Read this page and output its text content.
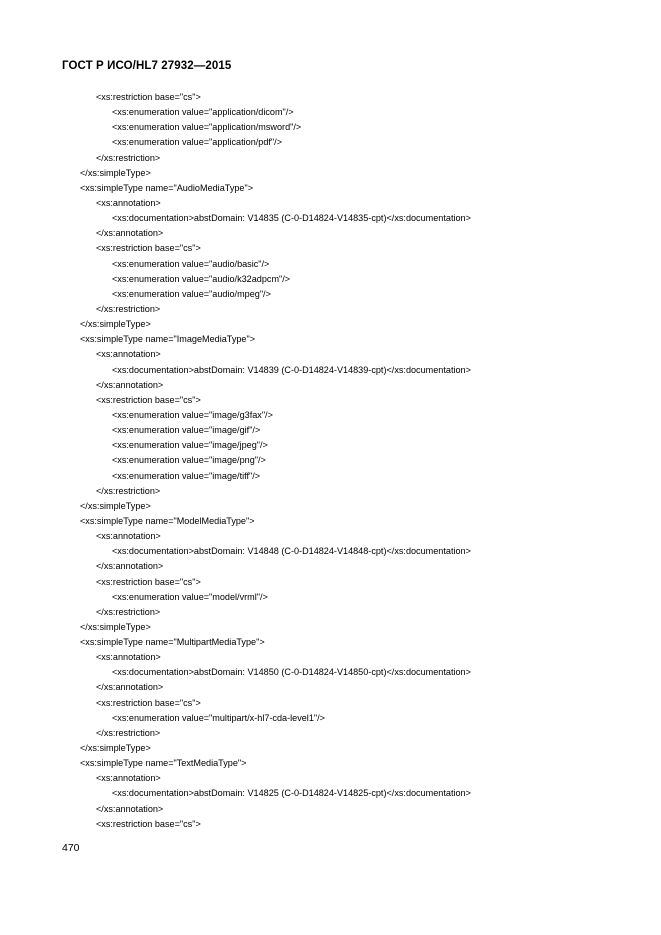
ГОСТ Р ИСО/HL7 27932—2015
<xs:restriction base="cs">
<xs:enumeration value="application/dicom"/>
<xs:enumeration value="application/msword"/>
<xs:enumeration value="application/pdf"/>
</xs:restriction>
</xs:simpleType>
<xs:simpleType name="AudioMediaType">
<xs:annotation>
<xs:documentation>abstDomain: V14835 (C-0-D14824-V14835-cpt)</xs:documentation>
</xs:annotation>
<xs:restriction base="cs">
<xs:enumeration value="audio/basic"/>
<xs:enumeration value="audio/k32adpcm"/>
<xs:enumeration value="audio/mpeg"/>
</xs:restriction>
</xs:simpleType>
<xs:simpleType name="ImageMediaType">
<xs:annotation>
<xs:documentation>abstDomain: V14839 (C-0-D14824-V14839-cpt)</xs:documentation>
</xs:annotation>
<xs:restriction base="cs">
<xs:enumeration value="image/g3fax"/>
<xs:enumeration value="image/gif"/>
<xs:enumeration value="image/jpeg"/>
<xs:enumeration value="image/png"/>
<xs:enumeration value="image/tiff"/>
</xs:restriction>
</xs:simpleType>
<xs:simpleType name="ModelMediaType">
<xs:annotation>
<xs:documentation>abstDomain: V14848 (C-0-D14824-V14848-cpt)</xs:documentation>
</xs:annotation>
<xs:restriction base="cs">
<xs:enumeration value="model/vrml"/>
</xs:restriction>
</xs:simpleType>
<xs:simpleType name="MultipartMediaType">
<xs:annotation>
<xs:documentation>abstDomain: V14850 (C-0-D14824-V14850-cpt)</xs:documentation>
</xs:annotation>
<xs:restriction base="cs">
<xs:enumeration value="multipart/x-hl7-cda-level1"/>
</xs:restriction>
</xs:simpleType>
<xs:simpleType name="TextMediaType">
<xs:annotation>
<xs:documentation>abstDomain: V14825 (C-0-D14824-V14825-cpt)</xs:documentation>
</xs:annotation>
<xs:restriction base="cs">
470
